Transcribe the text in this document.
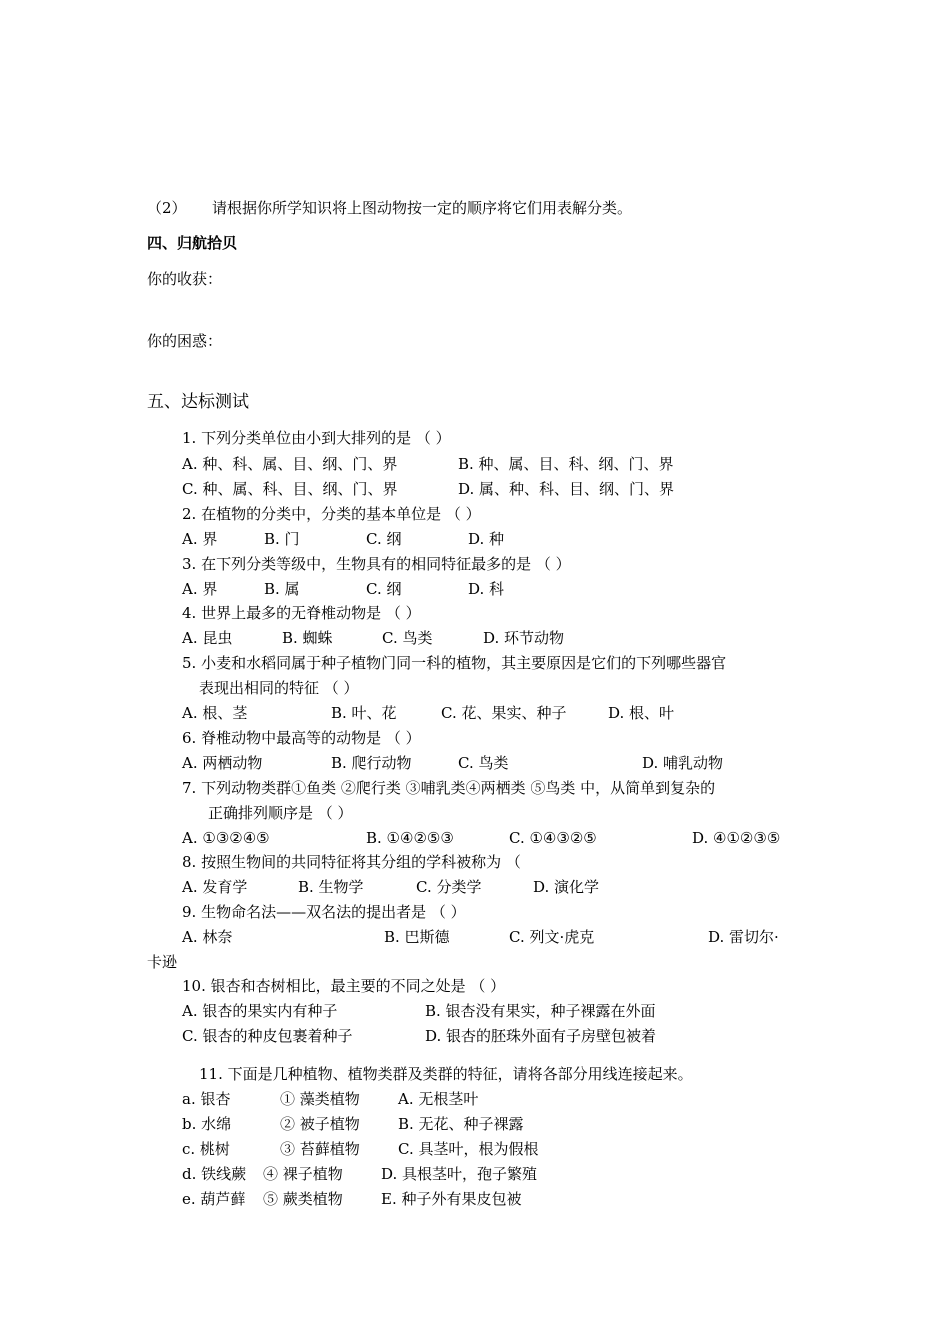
（2） 请根据你所学知识将上图动物按一定的顺序将它们用表解分类。
四、归航拾贝
你的收获：
你的困惑：
五、达标测试
1. 下列分类单位由小到大排列的是 （ ）
A. 种、科、属、目、纲、门、界	B. 种、属、目、科、纲、门、界
C. 种、属、科、目、纲、门、界	D. 属、种、科、目、纲、门、界
2. 在植物的分类中，分类的基本单位是 （ ）
A. 界	B. 门	C. 纲	D. 种
3. 在下列分类等级中，生物具有的相同特征最多的是 （ ）
A. 界	B. 属	C. 纲	D. 科
4. 世界上最多的无脊椎动物是 （ ）
A. 昆虫	B. 蜘蛛	C. 鸟类	D. 环节动物
5. 小麦和水稻同属于种子植物门同一科的植物，其主要原因是它们的下列哪些器官
表现出相同的特征 （ ）
A. 根、茎	B. 叶、花	C. 花、果实、种子	D. 根、叶
6. 脊椎动物中最高等的动物是 （ ）
A. 两栖动物	B. 爬行动物	C. 鸟类	D. 哺乳动物
7. 下列动物类群①鱼类 ②爬行类 ③哺乳类④两栖类 ⑤鸟类 中，从简单到复杂的
正确排列顺序是 （ ）
A. ①③②④⑤	B. ①④②⑤③	C. ①④③②⑤	D. ④①②③⑤
8. 按照生物间的共同特征将其分组的学科被称为 （
A. 发育学	B. 生物学	C. 分类学	D. 演化学
9. 生物命名法——双名法的提出者是 （ ）
A. 林奈	B. 巴斯德	C. 列文·虎克	D. 雷切尔·
卡逊
10. 银杏和杏树相比，最主要的不同之处是 （ ）
A. 银杏的果实内有种子	B. 银杏没有果实，种子裸露在外面
C. 银杏的种皮包裹着种子	D. 银杏的胚珠外面有子房壁包被着
11. 下面是几种植物、植物类群及类群的特征，请将各部分用线连接起来。
a. 银杏	① 藻类植物	A. 无根茎叶
b. 水绵	② 被子植物	B. 无花、种子裸露
c. 桃树	③ 苔藓植物	C. 具茎叶，根为假根
d. 铁线蕨 ④ 裸子植物	D. 具根茎叶，孢子繁殖
e. 葫芦藓 ⑤ 蕨类植物	E. 种子外有果皮包被
